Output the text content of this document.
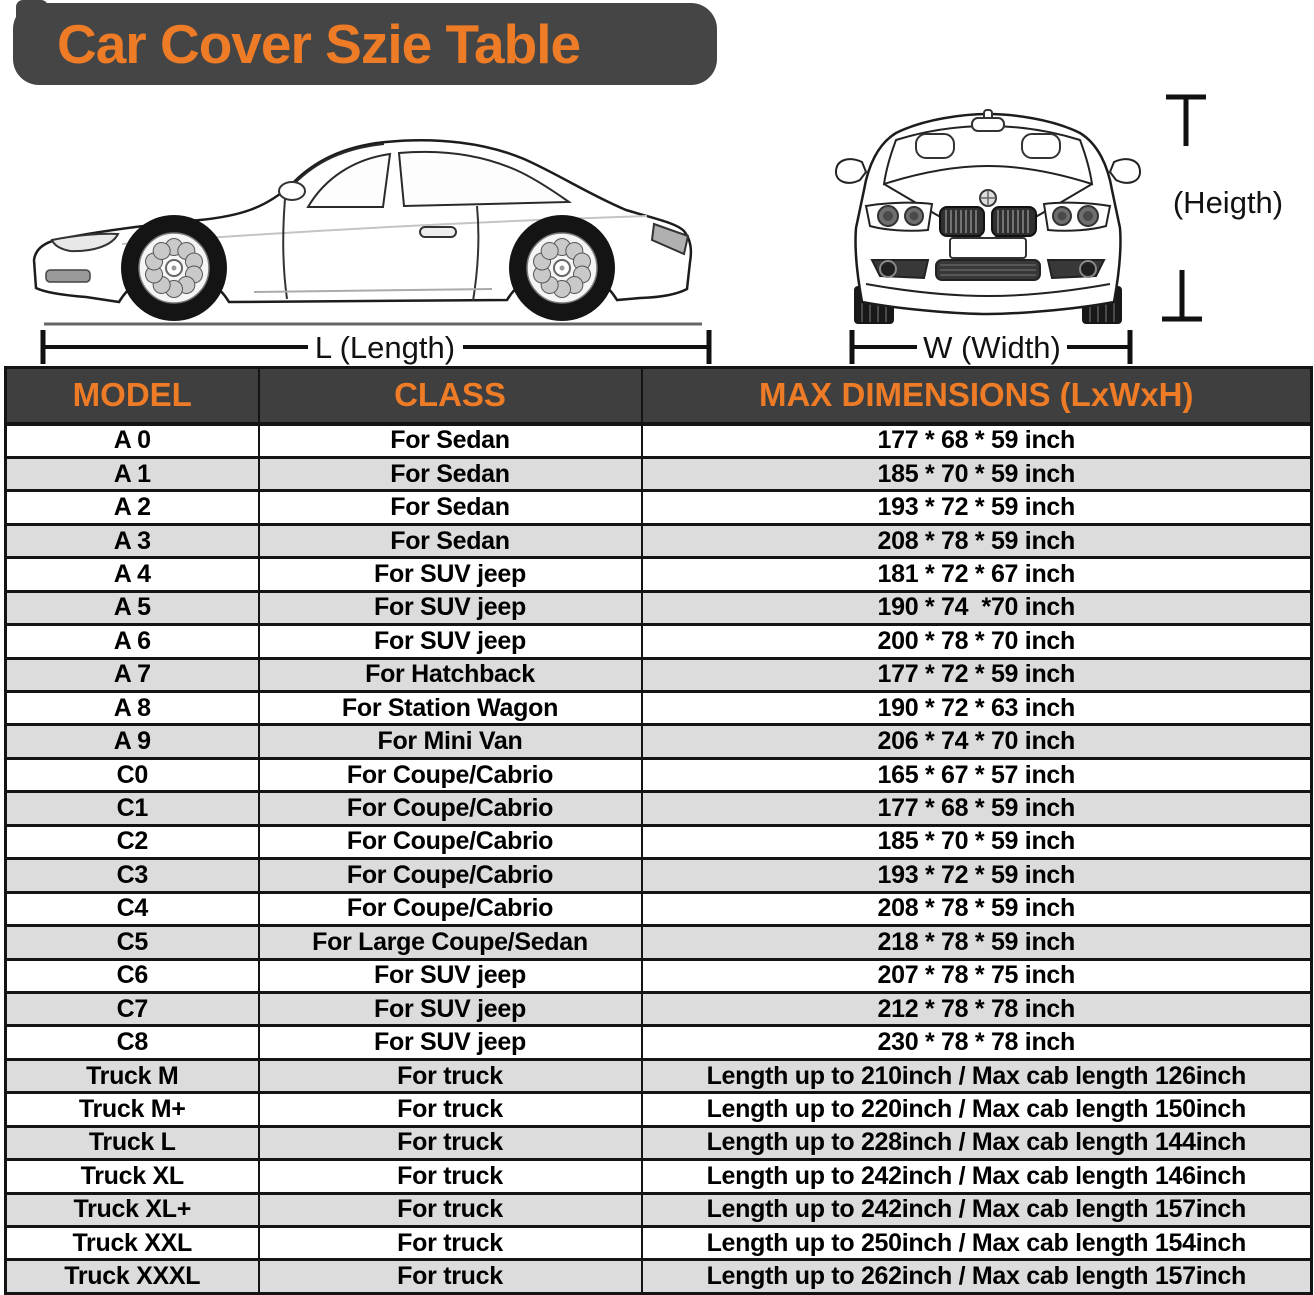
Car Cover Szie Table
L (Length)	W (Width)
(Heigth)
MODEL	CLASS	MAX DIMENSIONS (LxWxH)
A 0	For Sedan	177 * 68 * 59 inch
A 1	For Sedan	185 * 70 * 59 inch
A 2	For Sedan	193 * 72 * 59 inch
A 3	For Sedan	208 * 78 * 59 inch
A 4	For SUV jeep	181 * 72 * 67 inch
A 5	For SUV jeep	190 * 74  *70 inch
A 6	For SUV jeep	200 * 78 * 70 inch
A 7	For Hatchback	177 * 72 * 59 inch
A 8	For Station Wagon	190 * 72 * 63 inch
A 9	For Mini Van	206 * 74 * 70 inch
C0	For Coupe/Cabrio	165 * 67 * 57 inch
C1	For Coupe/Cabrio	177 * 68 * 59 inch
C2	For Coupe/Cabrio	185 * 70 * 59 inch
C3	For Coupe/Cabrio	193 * 72 * 59 inch
C4	For Coupe/Cabrio	208 * 78 * 59 inch
C5	For Large Coupe/Sedan	218 * 78 * 59 inch
C6	For SUV jeep	207 * 78 * 75 inch
C7	For SUV jeep	212 * 78 * 78 inch
C8	For SUV jeep	230 * 78 * 78 inch
Truck M	For truck	Length up to 210inch / Max cab length 126inch
Truck M+	For truck	Length up to 220inch / Max cab length 150inch
Truck L	For truck	Length up to 228inch / Max cab length 144inch
Truck XL	For truck	Length up to 242inch / Max cab length 146inch
Truck XL+	For truck	Length up to 242inch / Max cab length 157inch
Truck XXL	For truck	Length up to 250inch / Max cab length 154inch
Truck XXXL	For truck	Length up to 262inch / Max cab length 157inch
